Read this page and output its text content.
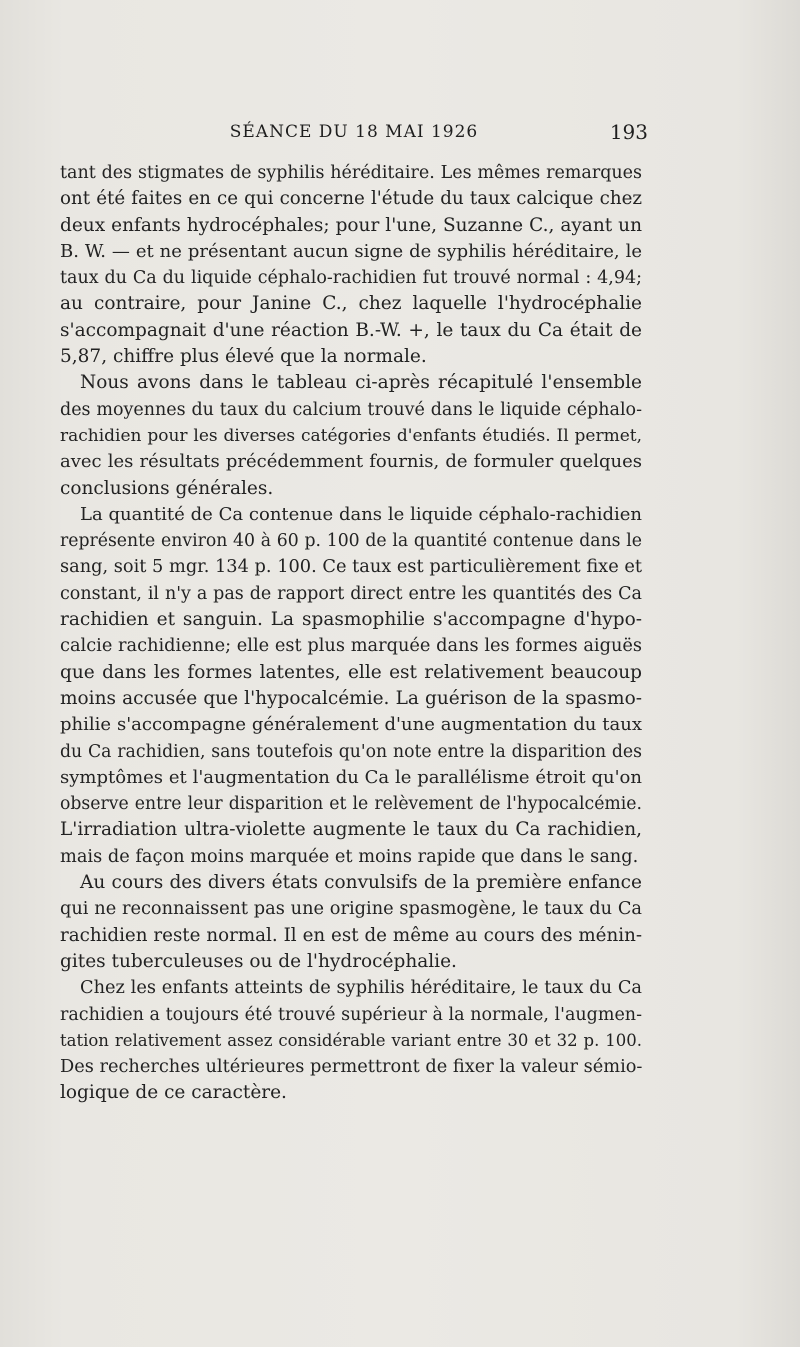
SÉANCE DU 18 MAI 1926	193
tant des stigmates de syphilis héréditaire. Les mêmes remarques
ont été faites en ce qui concerne l'étude du taux calcique chez
deux enfants hydrocéphales; pour l'une, Suzanne C., ayant un
B. W. — et ne présentant aucun signe de syphilis héréditaire, le
taux du Ca du liquide céphalo-rachidien fut trouvé normal : 4,94;
au contraire, pour Janine C., chez laquelle l'hydrocéphalie
s'accompagnait d'une réaction B.-W. +, le taux du Ca était de
5,87, chiffre plus élevé que la normale.
Nous avons dans le tableau ci-après récapitulé l'ensemble
des moyennes du taux du calcium trouvé dans le liquide céphalo-
rachidien pour les diverses catégories d'enfants étudiés. Il permet,
avec les résultats précédemment fournis, de formuler quelques
conclusions générales.
La quantité de Ca contenue dans le liquide céphalo-rachidien
représente environ 40 à 60 p. 100 de la quantité contenue dans le
sang, soit 5 mgr. 134 p. 100. Ce taux est particulièrement fixe et
constant, il n'y a pas de rapport direct entre les quantités des Ca
rachidien et sanguin. La spasmophilie s'accompagne d'hypo-
calcie rachidienne; elle est plus marquée dans les formes aiguës
que dans les formes latentes, elle est relativement beaucoup
moins accusée que l'hypocalcémie. La guérison de la spasmo-
philie s'accompagne généralement d'une augmentation du taux
du Ca rachidien, sans toutefois qu'on note entre la disparition des
symptômes et l'augmentation du Ca le parallélisme étroit qu'on
observe entre leur disparition et le relèvement de l'hypocalcémie.
L'irradiation ultra-violette augmente le taux du Ca rachidien,
mais de façon moins marquée et moins rapide que dans le sang.
Au cours des divers états convulsifs de la première enfance
qui ne reconnaissent pas une origine spasmogène, le taux du Ca
rachidien reste normal. Il en est de même au cours des ménin-
gites tuberculeuses ou de l'hydrocéphalie.
Chez les enfants atteints de syphilis héréditaire, le taux du Ca
rachidien a toujours été trouvé supérieur à la normale, l'augmen-
tation relativement assez considérable variant entre 30 et 32 p. 100.
Des recherches ultérieures permettront de fixer la valeur sémio-
logique de ce caractère.
